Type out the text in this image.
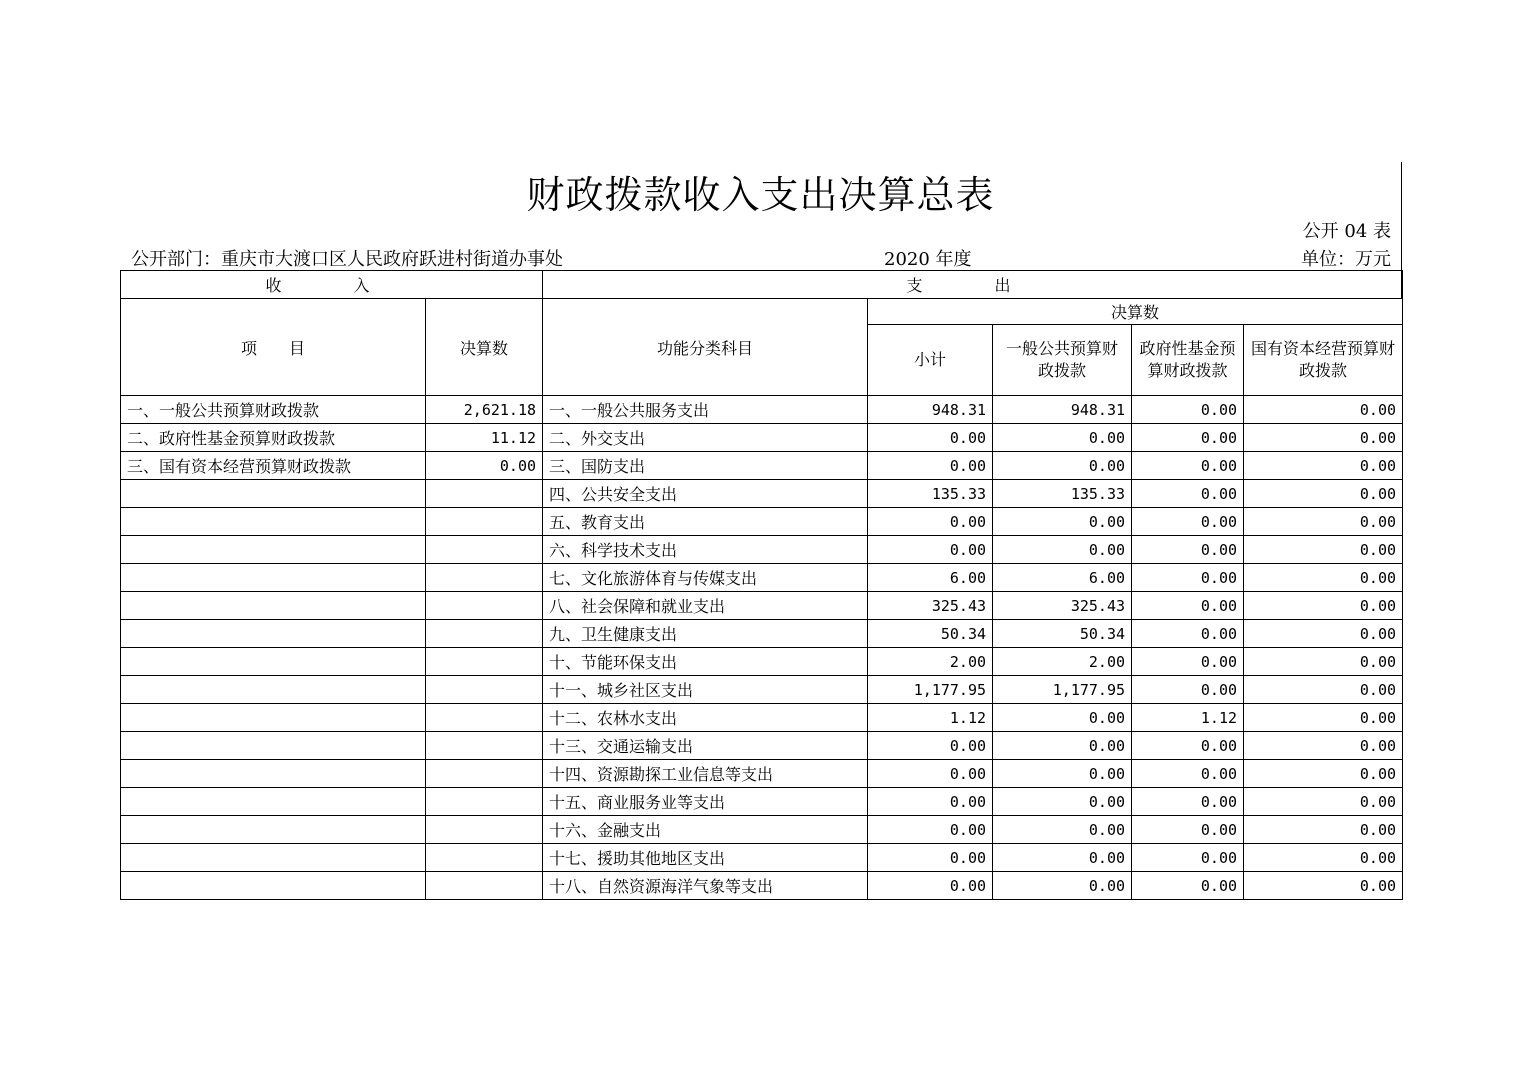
财政拨款收入支出决算总表
公开 04 表
公开部门：重庆市大渡口区人民政府跃进村街道办事处	2020 年度	单位：万元
收　入		支　出				
项　　目	决算数	功能分类科目	决算数			
			小计	一般公共预算财政拨款	政府性基金预算财政拨款	国有资本经营预算财政拨款
一、一般公共预算财政拨款	2,621.18	一、一般公共服务支出	948.31	948.31	0.00	0.00
二、政府性基金预算财政拨款	11.12	二、外交支出	0.00	0.00	0.00	0.00
三、国有资本经营预算财政拨款	0.00	三、国防支出	0.00	0.00	0.00	0.00
		四、公共安全支出	135.33	135.33	0.00	0.00
		五、教育支出	0.00	0.00	0.00	0.00
		六、科学技术支出	0.00	0.00	0.00	0.00
		七、文化旅游体育与传媒支出	6.00	6.00	0.00	0.00
		八、社会保障和就业支出	325.43	325.43	0.00	0.00
		九、卫生健康支出	50.34	50.34	0.00	0.00
		十、节能环保支出	2.00	2.00	0.00	0.00
		十一、城乡社区支出	1,177.95	1,177.95	0.00	0.00
		十二、农林水支出	1.12	0.00	1.12	0.00
		十三、交通运输支出	0.00	0.00	0.00	0.00
		十四、资源勘探工业信息等支出	0.00	0.00	0.00	0.00
		十五、商业服务业等支出	0.00	0.00	0.00	0.00
		十六、金融支出	0.00	0.00	0.00	0.00
		十七、援助其他地区支出	0.00	0.00	0.00	0.00
		十八、自然资源海洋气象等支出	0.00	0.00	0.00	0.00
